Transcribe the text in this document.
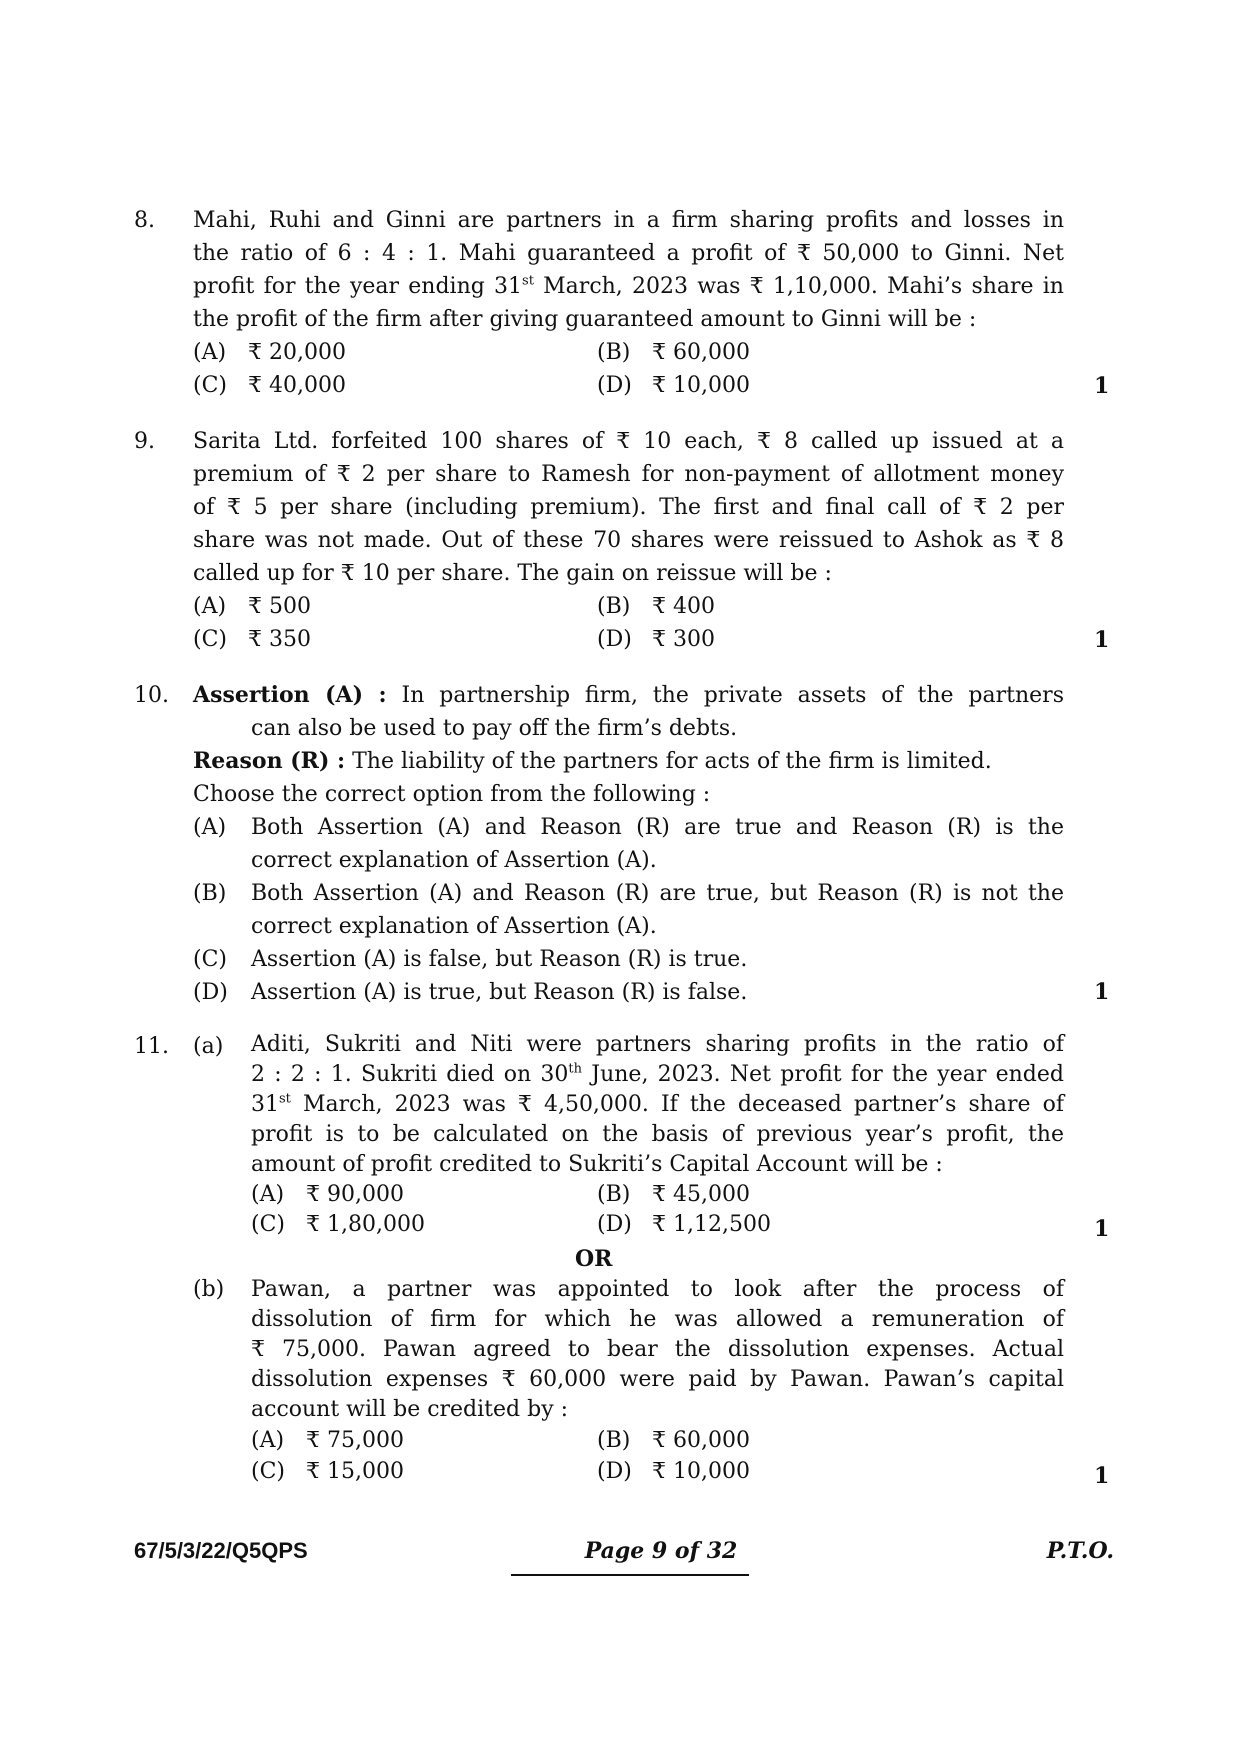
8. Mahi, Ruhi and Ginni are partners in a firm sharing profits and losses in
the ratio of 6 : 4 : 1. Mahi guaranteed a profit of ₹ 50,000 to Ginni. Net
profit for the year ending 31st March, 2023 was ₹ 1,10,000. Mahi’s share in
the profit of the firm after giving guaranteed amount to Ginni will be :
(A) ₹ 20,000	(B) ₹ 60,000
(C) ₹ 40,000	(D) ₹ 10,000	1
9. Sarita Ltd. forfeited 100 shares of ₹ 10 each, ₹ 8 called up issued at a
premium of ₹ 2 per share to Ramesh for non-payment of allotment money
of ₹ 5 per share (including premium). The first and final call of ₹ 2 per
share was not made. Out of these 70 shares were reissued to Ashok as ₹ 8
called up for ₹ 10 per share. The gain on reissue will be :
(A) ₹ 500	(B) ₹ 400
(C) ₹ 350	(D) ₹ 300	1
10. Assertion (A) : In partnership firm, the private assets of the partners
can also be used to pay off the firm’s debts.
Reason (R) : The liability of the partners for acts of the firm is limited.
Choose the correct option from the following :
(A) Both Assertion (A) and Reason (R) are true and Reason (R) is the
correct explanation of Assertion (A).
(B) Both Assertion (A) and Reason (R) are true, but Reason (R) is not the
correct explanation of Assertion (A).
(C) Assertion (A) is false, but Reason (R) is true.
(D) Assertion (A) is true, but Reason (R) is false.	1
11. (a) Aditi, Sukriti and Niti were partners sharing profits in the ratio of
2 : 2 : 1. Sukriti died on 30th June, 2023. Net profit for the year ended
31st March, 2023 was ₹ 4,50,000. If the deceased partner’s share of
profit is to be calculated on the basis of previous year’s profit, the
amount of profit credited to Sukriti’s Capital Account will be :
(A) ₹ 90,000	(B) ₹ 45,000
(C) ₹ 1,80,000	(D) ₹ 1,12,500	1
OR
(b) Pawan, a partner was appointed to look after the process of
dissolution of firm for which he was allowed a remuneration of
₹ 75,000. Pawan agreed to bear the dissolution expenses. Actual
dissolution expenses ₹ 60,000 were paid by Pawan. Pawan’s capital
account will be credited by :
(A) ₹ 75,000	(B) ₹ 60,000
(C) ₹ 15,000	(D) ₹ 10,000	1
67/5/3/22/Q5QPS	Page 9 of 32	P.T.O.
